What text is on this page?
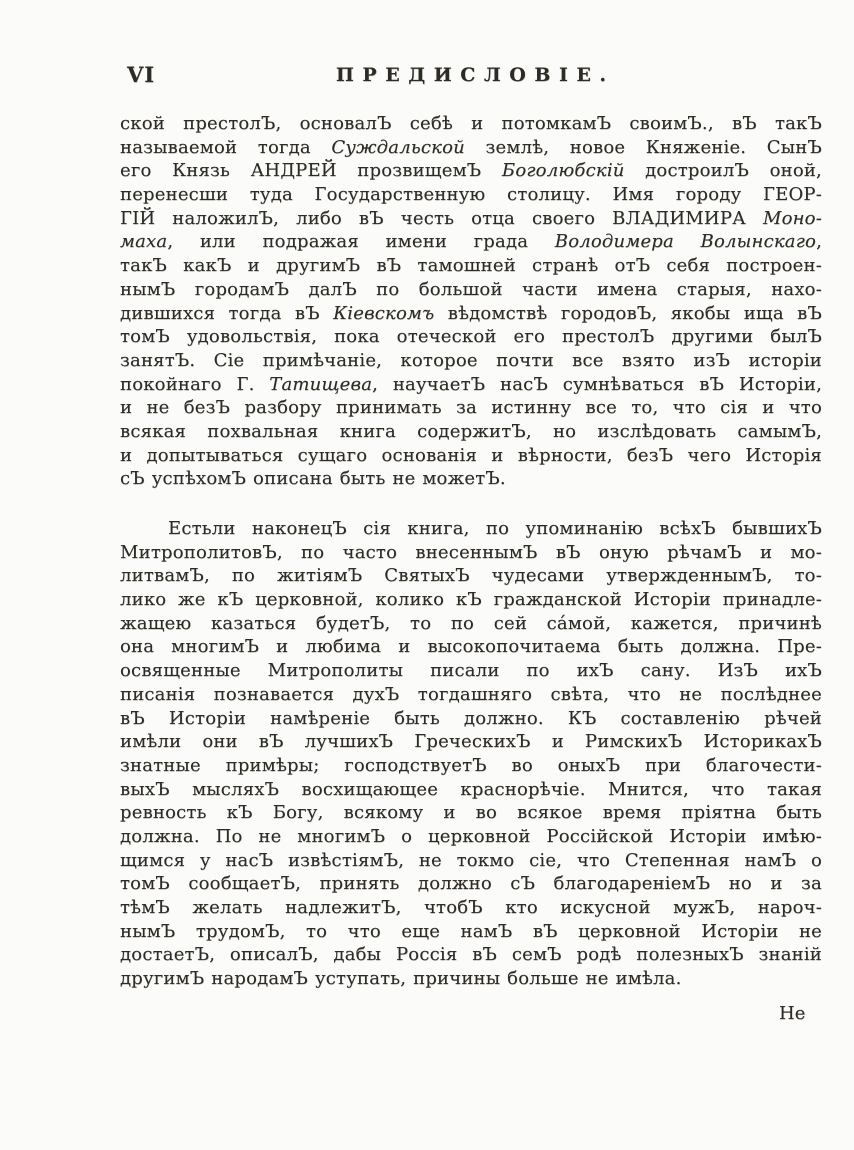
VI	ПРЕДИСЛОВІЕ.
ской престолЪ, основалЪ себѣ и потомкамЪ своимЪ., вЪ такЪ
называемой тогда Суждальской землѣ, новое Княженіе. СынЪ
его Князь АНДРЕЙ прозвищемЪ Боголюбскій достроилЪ оной,
перенесши туда Государственную столицу. Имя городу ГЕОР-
ГІЙ наложилЪ, либо вЪ честь отца своего ВЛАДИМИРА Моно-
маха, или подражая имени града Володимера Волынскаго,
такЪ какЪ и другимЪ вЪ тамошней странѣ отЪ себя построен-
нымЪ городамЪ далЪ по большой части имена старыя, нахо-
дившихся тогда вЪ Кіевскомъ вѣдомствѣ городовЪ, якобы ища вЪ
томЪ удовольствія, пока отеческой его престолЪ другими былЪ
занятЪ. Сіе примѣчаніе, которое почти все взято изЪ исторіи
покойнаго Г. Татищева, научаетЪ насЪ сумнѣваться вЪ Исторіи,
и не безЪ разбору принимать за истинну все то, что сія и что
всякая похвальная книга содержитЪ, но изслѣдовать самымЪ,
и допытываться сущаго основанія и вѣрности, безЪ чего Исторія
сЪ успѣхомЪ описана быть не можетЪ.
Естьли наконецЪ сія книга, по упоминанію всѣхЪ бывшихЪ
МитрополитовЪ, по часто внесеннымЪ вЪ оную рѣчамЪ и мо-
литвамЪ, по житіямЪ СвятыхЪ чудесами утвержденнымЪ, то-
лико же кЪ церковной, колико кЪ гражданской Исторіи принадле-
жащею казаться будетЪ, то по сей са́мой, кажется, причинѣ
она многимЪ и любима и высокопочитаема быть должна. Пре-
освященные Митрополиты писали по ихЪ сану. ИзЪ ихЪ
писанія познавается духЪ тогдашняго свѣта, что не послѣднее
вЪ Исторіи намѣреніе быть должно. КЪ составленію рѣчей
имѣли они вЪ лучшихЪ ГреческихЪ и РимскихЪ ИсторикахЪ
знатные примѣры; господствуетЪ во оныхЪ при благочести-
выхЪ мысляхЪ восхищающее краснорѣчіе. Мнится, что такая
ревность кЪ Богу, всякому и во всякое время пріятна быть
должна. По не многимЪ о церковной Россійской Исторіи имѣю-
щимся у насЪ извѣстіямЪ, не токмо сіе, что Степенная намЪ о
томЪ сообщаетЪ, принять должно сЪ благодареніемЪ но и за
тѣмЪ желать надлежитЪ, чтобЪ кто искусной мужЪ, нароч-
нымЪ трудомЪ, то что еще намЪ вЪ церковной Исторіи не
достаетЪ, описалЪ, дабы Россія вЪ семЪ родѣ полезныхЪ знаній
другимЪ народамЪ уступать, причины больше не имѣла.
Не
